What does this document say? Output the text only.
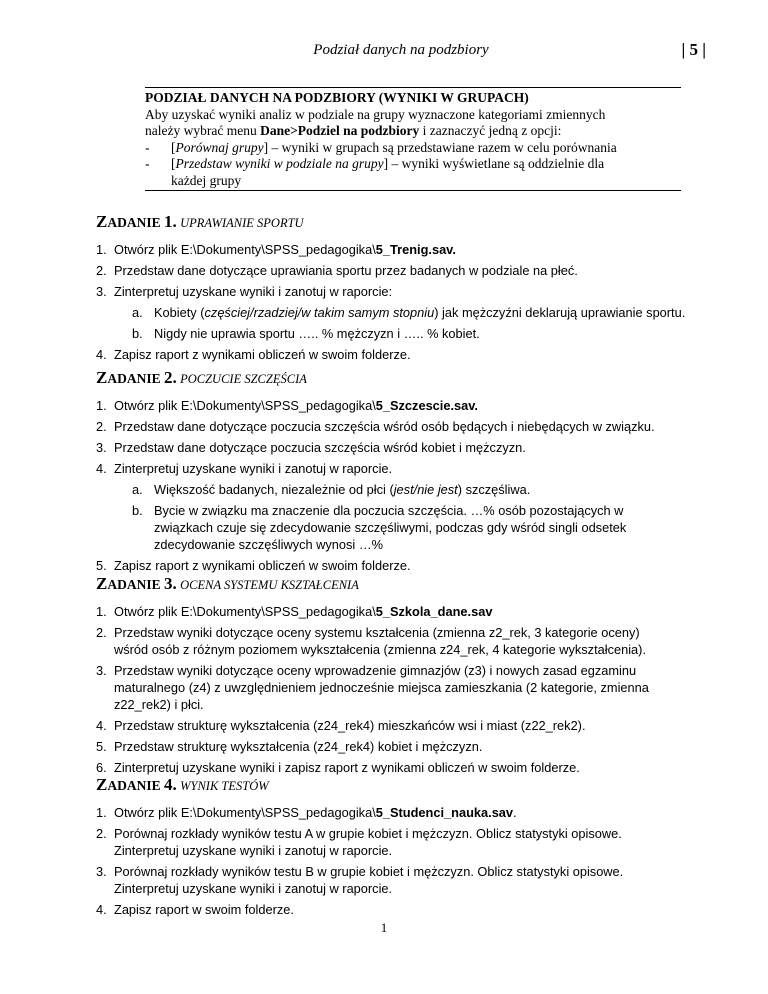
Podział danych na podzbiory	| 5 |
PODZIAŁ DANYCH NA PODZBIORY (WYNIKI W GRUPACH)
Aby uzyskać wyniki analiz w podziale na grupy wyznaczone kategoriami zmiennych
należy wybrać menu Dane>Podziel na podzbiory i zaznaczyć jedną z opcji:
-	[Porównaj grupy] – wyniki w grupach są przedstawiane razem w celu porównania
-	[Przedstaw wyniki w podziale na grupy] – wyniki wyświetlane są oddzielnie dla
każdej grupy
ZADANIE 1. UPRAWIANIE SPORTU
1. Otwórz plik E:\Dokumenty\SPSS_pedagogika\5_Trenig.sav.
2. Przedstaw dane dotyczące uprawiania sportu przez badanych w podziale na płeć.
3. Zinterpretuj uzyskane wyniki i zanotuj w raporcie:
a. Kobiety (częściej/rzadziej/w takim samym stopniu) jak mężczyźni deklarują uprawianie sportu.
b. Nigdy nie uprawia sportu ….. % mężczyzn i ….. % kobiet.
4. Zapisz raport z wynikami obliczeń w swoim folderze.
ZADANIE 2. POCZUCIE SZCZĘŚCIA
1. Otwórz plik E:\Dokumenty\SPSS_pedagogika\5_Szczescie.sav.
2. Przedstaw dane dotyczące poczucia szczęścia wśród osób będących i niebędących w związku.
3. Przedstaw dane dotyczące poczucia szczęścia wśród kobiet i mężczyzn.
4. Zinterpretuj uzyskane wyniki i zanotuj w raporcie.
a. Większość badanych, niezależnie od płci (jest/nie jest) szczęśliwa.
b. Bycie w związku ma znaczenie dla poczucia szczęścia. …% osób pozostających w
związkach czuje się zdecydowanie szczęśliwymi, podczas gdy wśród singli odsetek
zdecydowanie szczęśliwych wynosi …%
5. Zapisz raport z wynikami obliczeń w swoim folderze.
ZADANIE 3. OCENA SYSTEMU KSZTAŁCENIA
1. Otwórz plik E:\Dokumenty\SPSS_pedagogika\5_Szkola_dane.sav
2. Przedstaw wyniki dotyczące oceny systemu kształcenia (zmienna z2_rek, 3 kategorie oceny)
wśród osób z różnym poziomem wykształcenia (zmienna z24_rek, 4 kategorie wykształcenia).
3. Przedstaw wyniki dotyczące oceny wprowadzenie gimnazjów (z3) i nowych zasad egzaminu
maturalnego (z4) z uwzględnieniem jednocześnie miejsca zamieszkania (2 kategorie, zmienna
z22_rek2) i płci.
4. Przedstaw strukturę wykształcenia (z24_rek4) mieszkańców wsi i miast (z22_rek2).
5. Przedstaw strukturę wykształcenia (z24_rek4) kobiet i mężczyzn.
6. Zinterpretuj uzyskane wyniki i zapisz raport z wynikami obliczeń w swoim folderze.
ZADANIE 4. WYNIK TESTÓW
1. Otwórz plik E:\Dokumenty\SPSS_pedagogika\5_Studenci_nauka.sav.
2. Porównaj rozkłady wyników testu A w grupie kobiet i mężczyzn. Oblicz statystyki opisowe.
Zinterpretuj uzyskane wyniki i zanotuj w raporcie.
3. Porównaj rozkłady wyników testu B w grupie kobiet i mężczyzn. Oblicz statystyki opisowe.
Zinterpretuj uzyskane wyniki i zanotuj w raporcie.
4. Zapisz raport w swoim folderze.
1
